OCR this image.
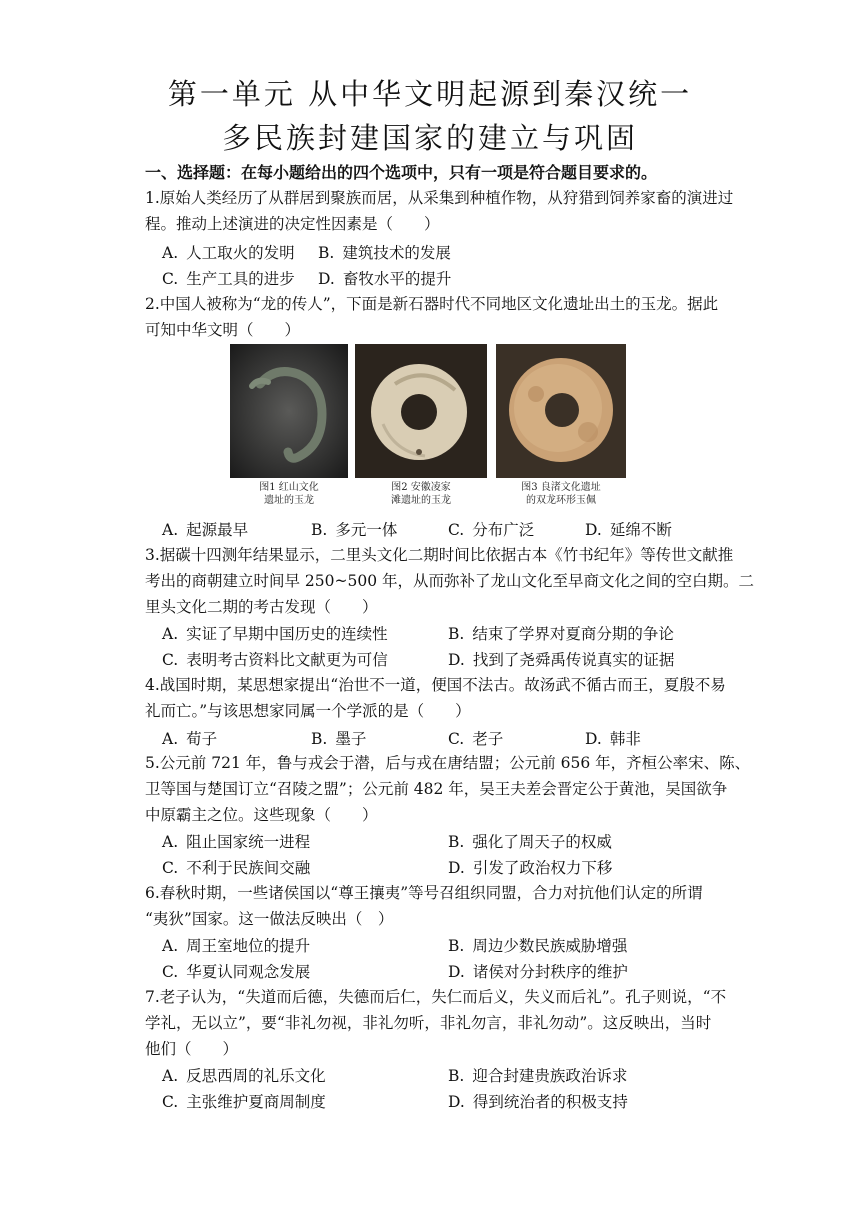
第一单元 从中华文明起源到秦汉统一
多民族封建国家的建立与巩固
一、选择题：在每小题给出的四个选项中，只有一项是符合题目要求的。
1.原始人类经历了从群居到聚族而居，从采集到种植作物，从狩猎到饲养家畜的演进过
程。推动上述演进的决定性因素是（　　）
A. 人工取火的发明 B. 建筑技术的发展
C. 生产工具的进步 D. 畜牧水平的提升
2.中国人被称为“龙的传人”，下面是新石器时代不同地区文化遗址出土的玉龙。据此
可知中华文明（　　）
图1 红山文化
遗址的玉龙
图2 安徽凌家
滩遗址的玉龙
图3 良渚文化遗址
的双龙环形玉佩
A. 起源最早	B. 多元一体	C. 分布广泛	D. 延绵不断
3.据碳十四测年结果显示，二里头文化二期时间比依据古本《竹书纪年》等传世文献推
考出的商朝建立时间早 250~500 年，从而弥补了龙山文化至早商文化之间的空白期。二
里头文化二期的考古发现（　　）
A. 实证了早期中国历史的连续性	B. 结束了学界对夏商分期的争论
C. 表明考古资料比文献更为可信	D. 找到了尧舜禹传说真实的证据
4.战国时期，某思想家提出“治世不一道，便国不法古。故汤武不循古而王，夏殷不易
礼而亡。”与该思想家同属一个学派的是（　　）
A. 荀子	B. 墨子	C. 老子	D. 韩非
5.公元前 721 年，鲁与戎会于潜，后与戎在唐结盟；公元前 656 年，齐桓公率宋、陈、
卫等国与楚国订立“召陵之盟”；公元前 482 年，吴王夫差会晋定公于黄池，吴国欲争
中原霸主之位。这些现象（　　）
A. 阻止国家统一进程	B. 强化了周天子的权威
C. 不利于民族间交融	D. 引发了政治权力下移
6.春秋时期，一些诸侯国以“尊王攘夷”等号召组织同盟，合力对抗他们认定的所谓
“夷狄”国家。这一做法反映出（　）
A. 周王室地位的提升	B. 周边少数民族威胁增强
C. 华夏认同观念发展	D. 诸侯对分封秩序的维护
7.老子认为，“失道而后德，失德而后仁，失仁而后义，失义而后礼”。孔子则说，“不
学礼，无以立”，要“非礼勿视，非礼勿听，非礼勿言，非礼勿动”。这反映出，当时
他们（　　）
A. 反思西周的礼乐文化	B. 迎合封建贵族政治诉求
C. 主张维护夏商周制度	D. 得到统治者的积极支持
